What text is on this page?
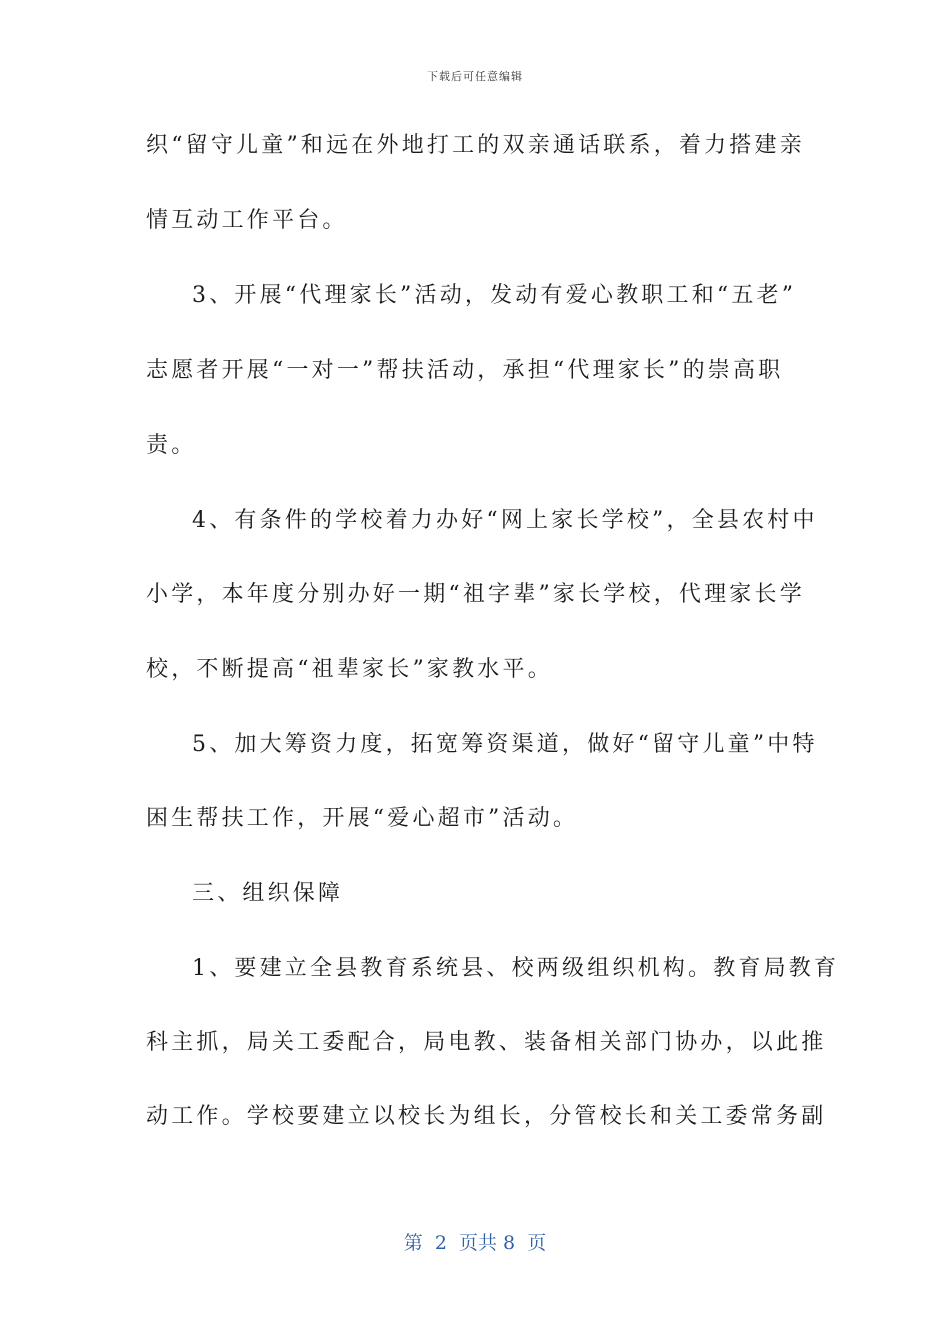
下载后可任意编辑
织“留守儿童”和远在外地打工的双亲通话联系，着力搭建亲
情互动工作平台。
3、开展“代理家长”活动，发动有爱心教职工和“五老”
志愿者开展“一对一”帮扶活动，承担“代理家长”的崇高职
责。
4、有条件的学校着力办好“网上家长学校”，全县农村中
小学，本年度分别办好一期“祖字辈”家长学校，代理家长学
校，不断提高“祖辈家长”家教水平。
5、加大筹资力度，拓宽筹资渠道，做好“留守儿童”中特
困生帮扶工作，开展“爱心超市”活动。
三、组织保障
1、要建立全县教育系统县、校两级组织机构。教育局教育
科主抓，局关工委配合，局电教、装备相关部门协办，以此推
动工作。学校要建立以校长为组长，分管校长和关工委常务副
第  2  页共 8  页
